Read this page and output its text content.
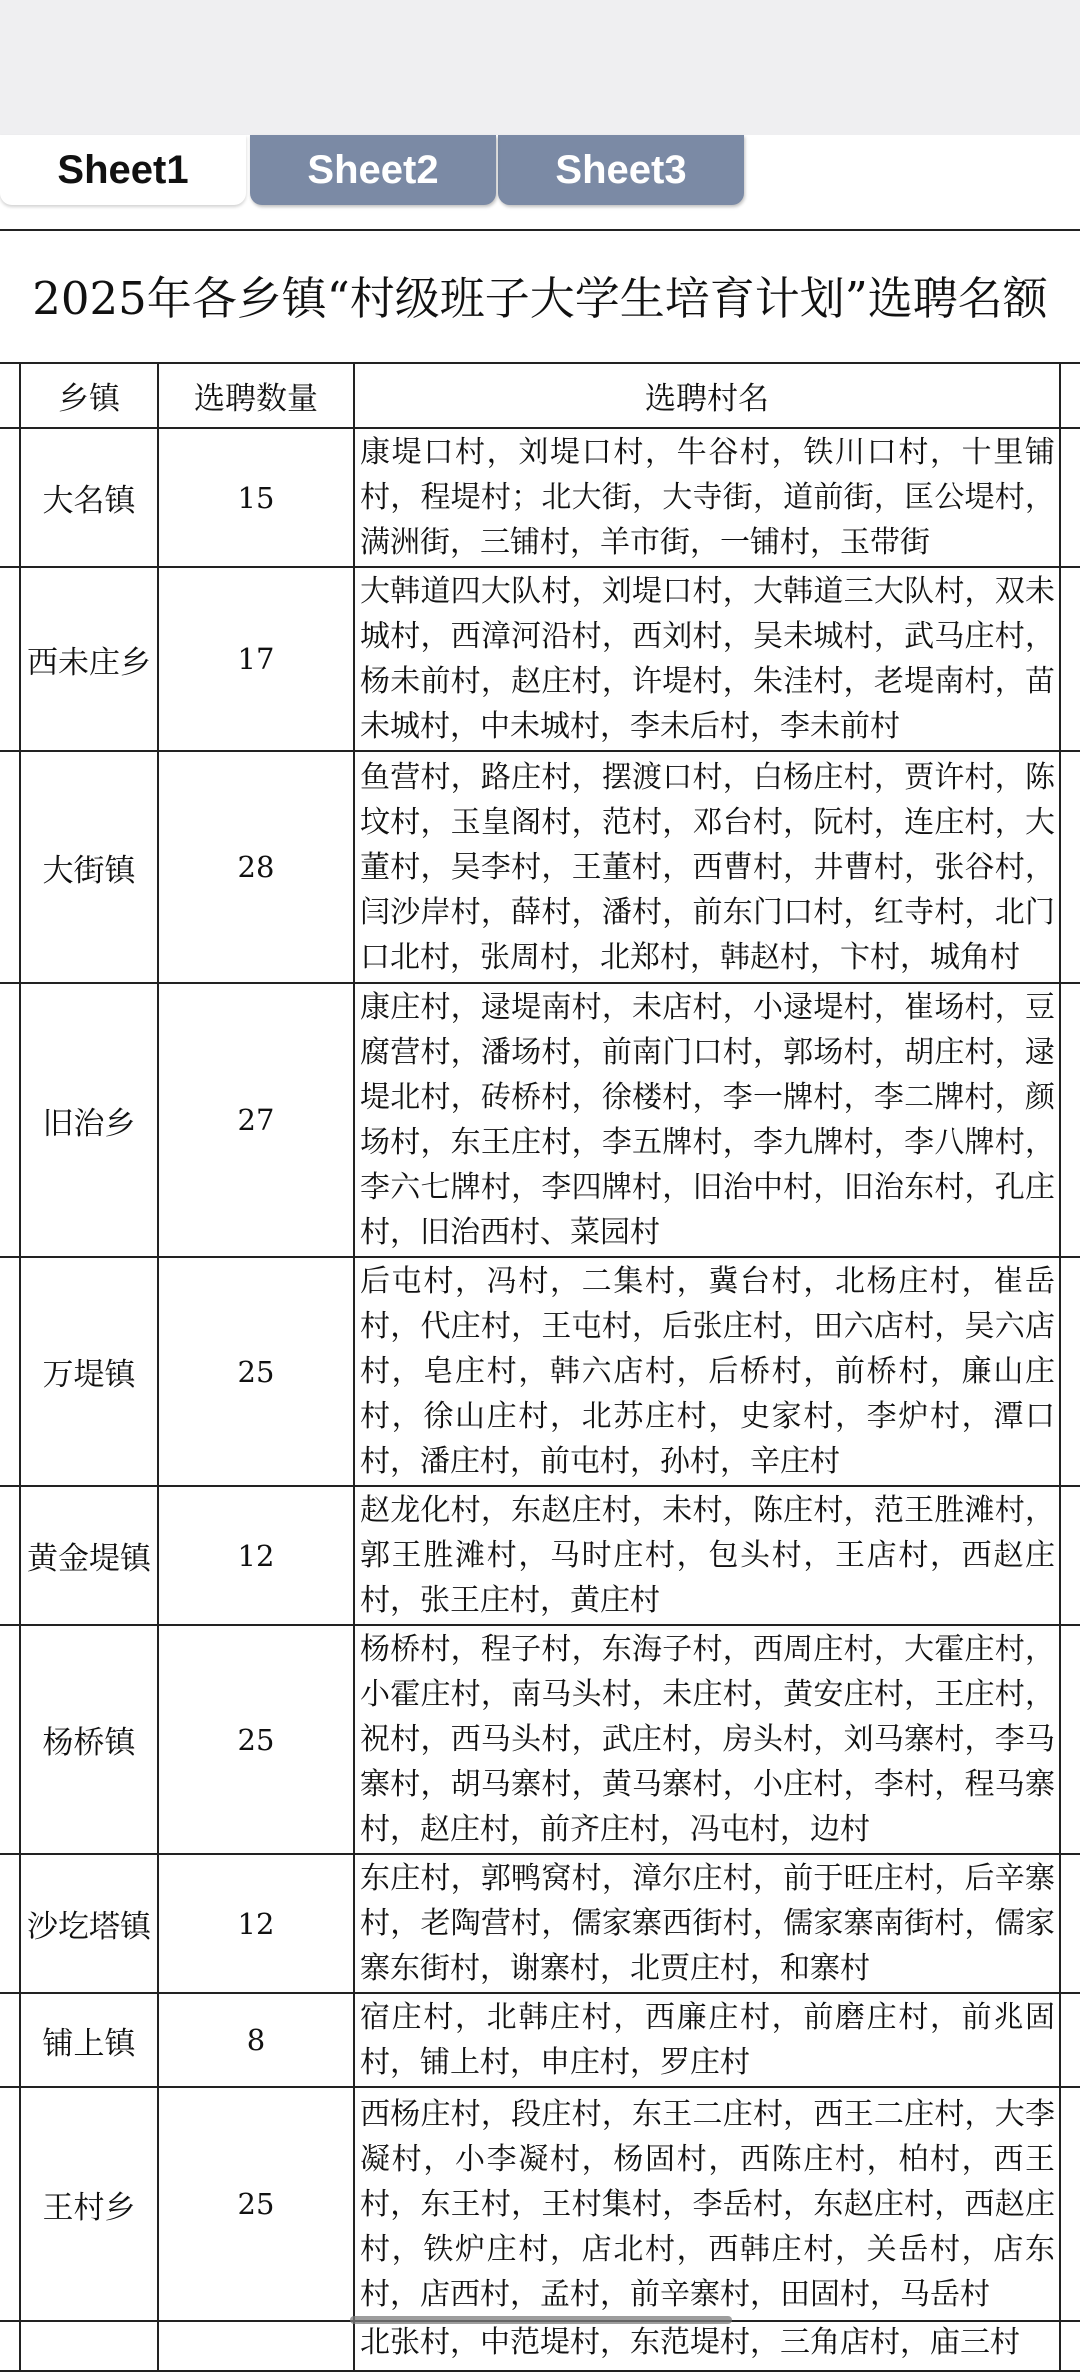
Sheet1	Sheet2	Sheet3
2025年各乡镇“村级班子大学生培育计划”选聘名额
	乡镇	选聘数量	选聘村名	
	大名镇	15	康堤口村，刘堤口村，牛谷村，铁川口村，十里铺村，程堤村；北大街，大寺街，道前街，匡公堤村，满洲街，三铺村，羊市街，一铺村，玉带街	
	西未庄乡	17	大韩道四大队村，刘堤口村，大韩道三大队村，双未城村，西漳河沿村，西刘村，吴未城村，武马庄村，杨未前村，赵庄村，许堤村，朱洼村，老堤南村，苗未城村，中未城村，李未后村，李未前村	
	大街镇	28	鱼营村，路庄村，摆渡口村，白杨庄村，贾许村，陈坟村，玉皇阁村，范村，邓台村，阮村，连庄村，大董村，吴李村，王董村，西曹村，井曹村，张谷村，闫沙岸村，薛村，潘村，前东门口村，红寺村，北门口北村，张周村，北郑村，韩赵村，卞村，城角村	
	旧治乡	27	康庄村，逯堤南村，未店村，小逯堤村，崔场村，豆腐营村，潘场村，前南门口村，郭场村，胡庄村，逯堤北村，砖桥村，徐楼村，李一牌村，李二牌村，颜场村，东王庄村，李五牌村，李九牌村，李八牌村，李六七牌村，李四牌村，旧治中村，旧治东村，孔庄村，旧治西村、菜园村	
	万堤镇	25	后屯村，冯村，二集村，冀台村，北杨庄村，崔岳村，代庄村，王屯村，后张庄村，田六店村，吴六店村，皂庄村，韩六店村，后桥村，前桥村，廉山庄村，徐山庄村，北苏庄村，史家村，李炉村，潭口村，潘庄村，前屯村，孙村，辛庄村	
	黄金堤镇	12	赵龙化村，东赵庄村，未村，陈庄村，范王胜滩村，郭王胜滩村，马时庄村，包头村，王店村，西赵庄村，张王庄村，黄庄村	
	杨桥镇	25	杨桥村，程子村，东海子村，西周庄村，大霍庄村，小霍庄村，南马头村，未庄村，黄安庄村，王庄村，祝村，西马头村，武庄村，房头村，刘马寨村，李马寨村，胡马寨村，黄马寨村，小庄村，李村，程马寨村，赵庄村，前齐庄村，冯屯村，边村	
	沙圪塔镇	12	东庄村，郭鸭窝村，漳尔庄村，前于旺庄村，后辛寨村，老陶营村，儒家寨西街村，儒家寨南街村，儒家寨东街村，谢寨村，北贾庄村，和寨村	
	铺上镇	8	宿庄村，北韩庄村，西廉庄村，前磨庄村，前兆固村，铺上村，申庄村，罗庄村	
	王村乡	25	西杨庄村，段庄村，东王二庄村，西王二庄村，大李凝村，小李凝村，杨固村，西陈庄村，柏村，西王村，东王村，王村集村，李岳村，东赵庄村，西赵庄村，铁炉庄村，店北村，西韩庄村，关岳村，店东村，店西村，孟村，前辛寨村，田固村，马岳村	
			北张村，中范堤村，东范堤村，三角店村，庙三村	
